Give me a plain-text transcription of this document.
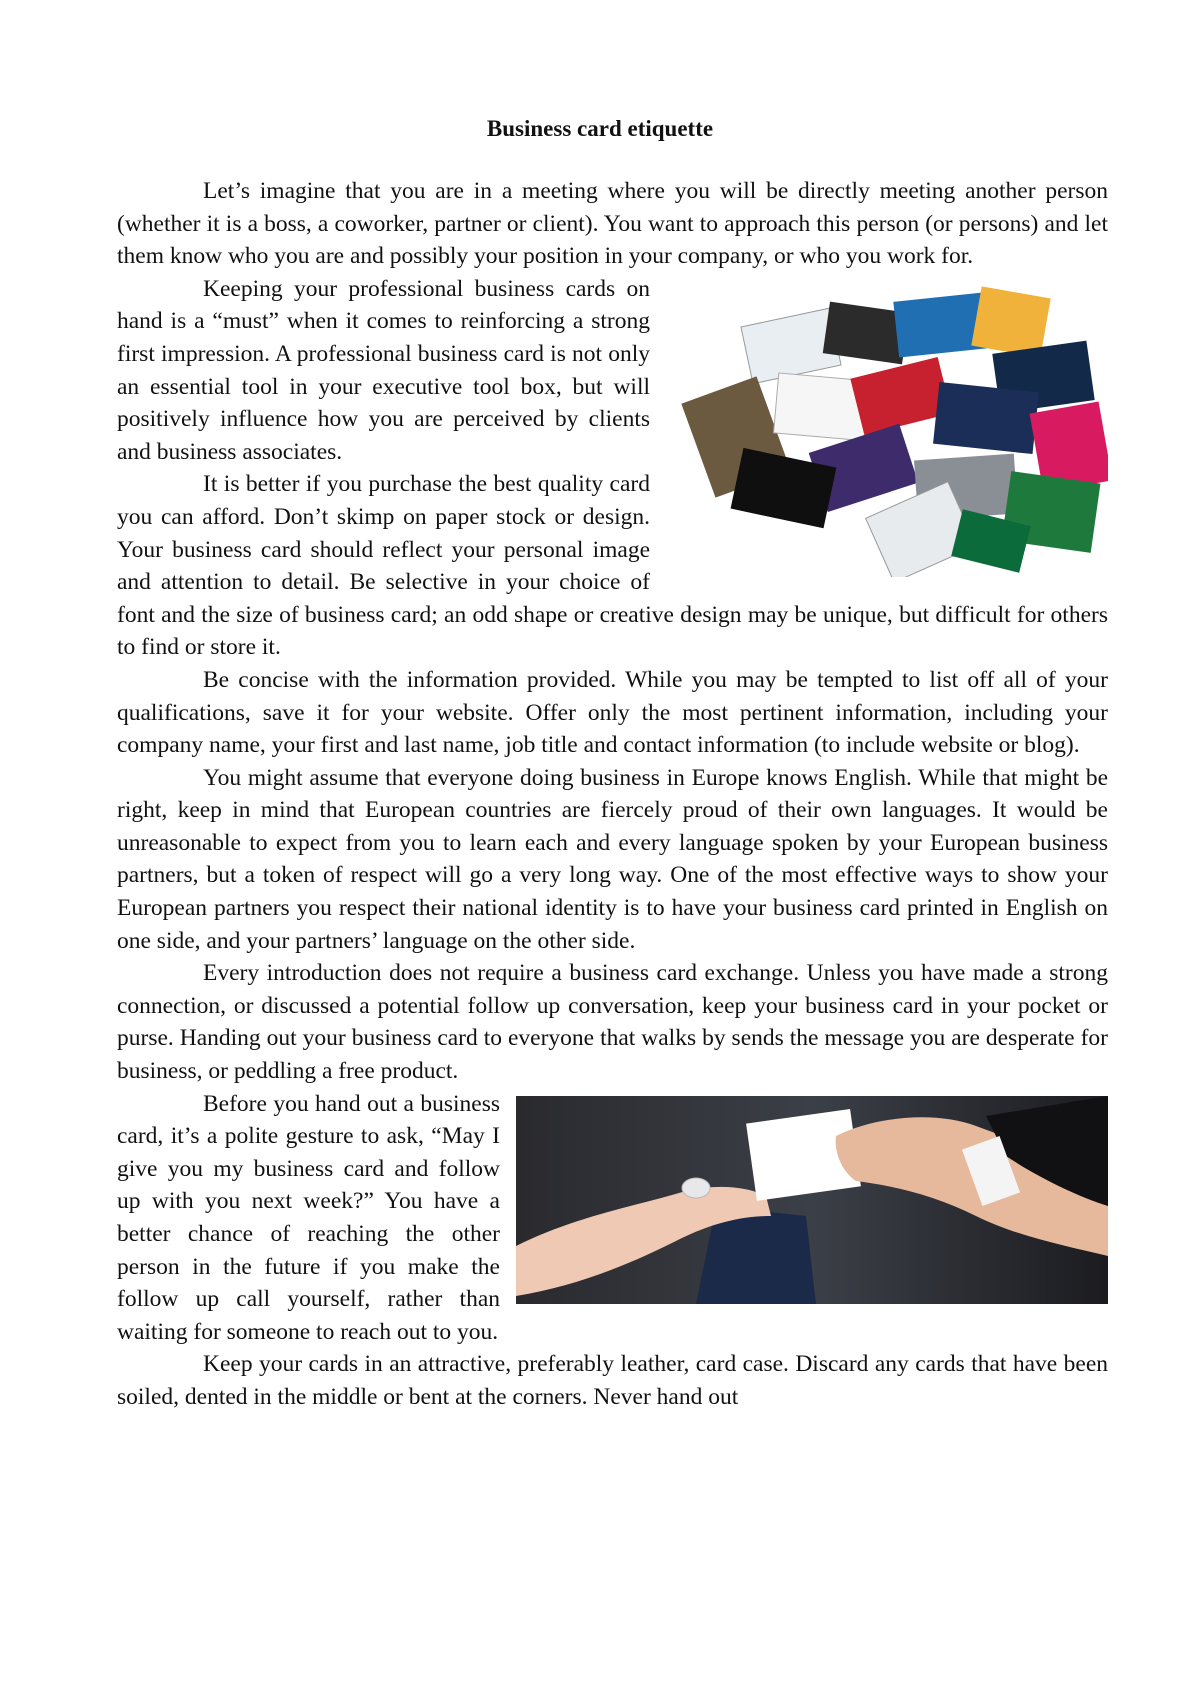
Business card etiquette

Let’s imagine that you are in a meeting where you will be directly meeting another person (whether it is a boss, a coworker, partner or client). You want to approach this person (or persons) and let them know who you are and possibly your position in your company, or who you work for.

Keeping your professional business cards on hand is a “must” when it comes to reinforcing a strong first impression. A professional business card is not only an essential tool in your executive tool box, but will positively influence how you are perceived by clients and business associates.

It is better if you purchase the best quality card you can afford. Don’t skimp on paper stock or design. Your business card should reflect your personal image and attention to detail. Be selective in your choice of font and the size of business card; an odd shape or creative design may be unique, but difficult for others to find or store it.

Be concise with the information provided. While you may be tempted to list off all of your qualifications, save it for your website. Offer only the most pertinent information, including your company name, your first and last name, job title and contact information (to include website or blog).

You might assume that everyone doing business in Europe knows English. While that might be right, keep in mind that European countries are fiercely proud of their own languages. It would be unreasonable to expect from you to learn each and every language spoken by your European business partners, but a token of respect will go a very long way. One of the most effective ways to show your European partners you respect their national identity is to have your business card printed in English on one side, and your partners’ language on the other side.

Every introduction does not require a business card exchange. Unless you have made a strong connection, or discussed a potential follow up conversation, keep your business card in your pocket or purse. Handing out your business card to everyone that walks by sends the message you are desperate for business, or peddling a free product.

Before you hand out a business card, it’s a polite gesture to ask, “May I give you my business card and follow up with you next week?” You have a better chance of reaching the other person in the future if you make the follow up call yourself, rather than waiting for someone to reach out to you.

Keep your cards in an attractive, preferably leather, card case. Discard any cards that have been soiled, dented in the middle or bent at the corners. Never hand out
